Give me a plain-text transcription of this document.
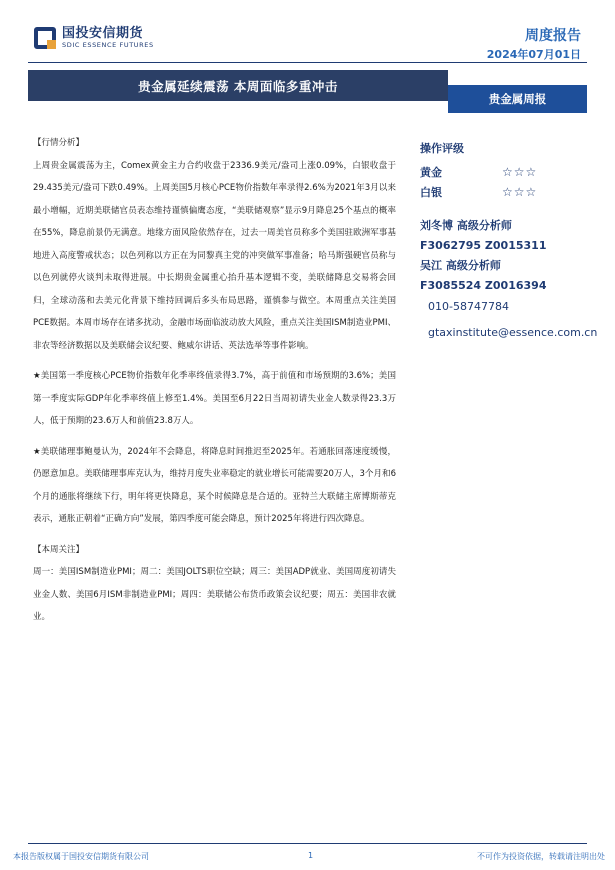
国投安信期货
SDIC ESSENCE FUTURES
周度报告
2024年07月01日
贵金属延续震荡 本周面临多重冲击
贵金属周报

【行情分析】

上周贵金属震荡为主，Comex黄金主力合约收盘于2336.9美元/盎司上涨0.09%，白银收盘于29.435美元/盎司下跌0.49%。上周美国5月核心PCE物价指数年率录得2.6%为2021年3月以来最小增幅，近期美联储官员表态维持谨慎偏鹰态度，“美联储观察”显示9月降息25个基点的概率在55%，降息前景仍无满意。地缘方面风险依然存在，过去一周美官员称多个美国驻欧洲军事基地进入高度警戒状态；以色列称以方正在为同黎真主党的冲突做军事准备；哈马斯强硬官员称与以色列就停火谈判未取得进展。中长期贵金属重心抬升基本逻辑不变，美联储降息交易将会回归，全球动荡和去美元化背景下维持回调后多头布局思路，谨慎参与做空。本周重点关注美国PCE数据。本周市场存在诸多扰动，金融市场面临波动放大风险，重点关注美国ISM制造业PMI、非农等经济数据以及美联储会议纪要、鲍威尔讲话、英法选举等事件影响。

★美国第一季度核心PCE物价指数年化季率终值录得3.7%，高于前值和市场预期的3.6%；美国第一季度实际GDP年化季率终值上修至1.4%。美国至6月22日当周初请失业金人数录得23.3万人，低于预期的23.6万人和前值23.8万人。

★美联储理事鲍曼认为，2024年不会降息，将降息时间推迟至2025年。若通胀回落速度缓慢，仍愿意加息。美联储理事库克认为，维持月度失业率稳定的就业增长可能需要20万人，3个月和6个月的通胀将继续下行，明年将更快降息，某个时候降息是合适的。亚特兰大联储主席博斯蒂克表示，通胀正朝着“正确方向”发展，第四季度可能会降息，预计2025年将进行四次降息。

【本周关注】

周一：美国ISM制造业PMI；周二：美国JOLTS职位空缺；周三：美国ADP就业、美国周度初请失业金人数、美国6月ISM非制造业PMI；周四：美联储公布货币政策会议纪要；周五：美国非农就业。

操作评级
黄金	☆☆☆
白银	☆☆☆
刘冬博 高级分析师
F3062795 Z0015311
吴江 高级分析师
F3085524 Z0016394
010-58747784
gtaxinstitute@essence.com.cn
本报告版权属于国投安信期货有限公司	1	不可作为投资依据，转载请注明出处
